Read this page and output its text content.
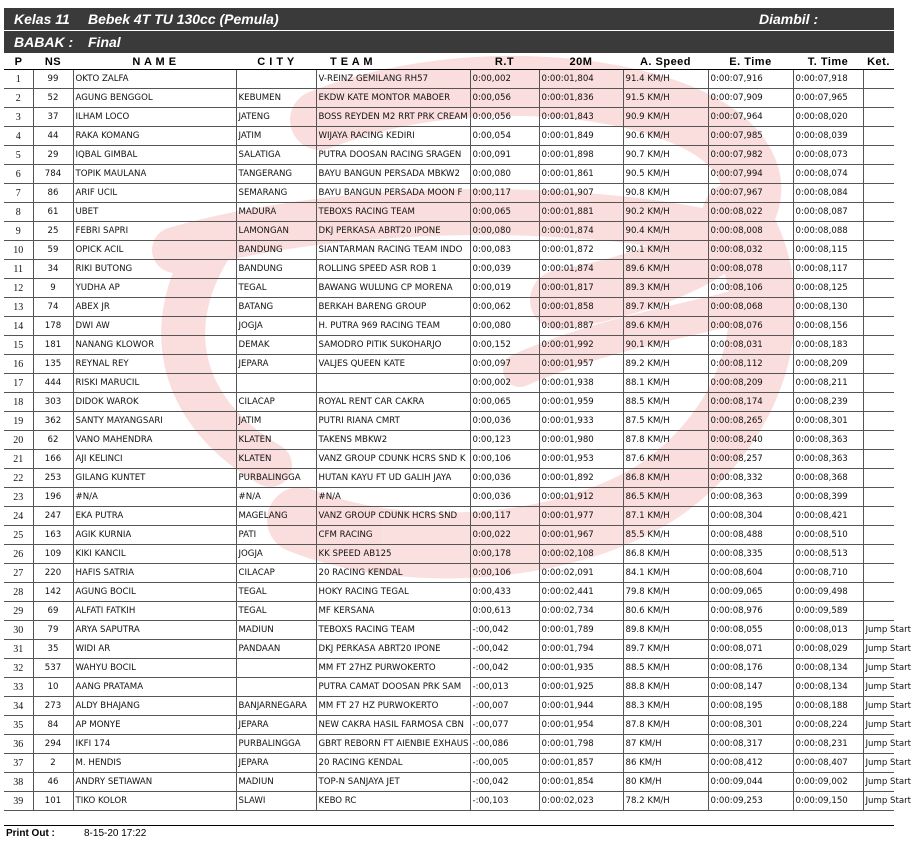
Kelas 11 Bebek 4T TU 130cc (Pemula)	Diambil :
BABAK : Final
P	NS	N A M E	C I T Y	T E A M	R.T	20M	A. Speed	E. Time	T. Time	Ket.
1	99	OKTO ZALFA		V-REINZ GEMILANG RH57	0:00,002	0:00:01,804	91.4 KM/H	0:00:07,916	0:00:07,918	
2	52	AGUNG BENGGOL	KEBUMEN	EKDW KATE MONTOR MABOER	0:00,056	0:00:01,836	91.5 KM/H	0:00:07,909	0:00:07,965	
3	37	ILHAM LOCO	JATENG	BOSS REYDEN M2 RRT PRK CREAM	0:00,056	0:00:01,843	90.9 KM/H	0:00:07,964	0:00:08,020	
4	44	RAKA KOMANG	JATIM	WIJAYA RACING KEDIRI	0:00,054	0:00:01,849	90.6 KM/H	0:00:07,985	0:00:08,039	
5	29	IQBAL GIMBAL	SALATIGA	PUTRA DOOSAN RACING SRAGEN	0:00,091	0:00:01,898	90.7 KM/H	0:00:07,982	0:00:08,073	
6	784	TOPIK MAULANA	TANGERANG	BAYU BANGUN PERSADA MBKW2	0:00,080	0:00:01,861	90.5 KM/H	0:00:07,994	0:00:08,074	
7	86	ARIF UCIL	SEMARANG	BAYU BANGUN PERSADA MOON F	0:00,117	0:00:01,907	90.8 KM/H	0:00:07,967	0:00:08,084	
8	61	UBET	MADURA	TEBOXS RACING TEAM	0:00,065	0:00:01,881	90.2 KM/H	0:00:08,022	0:00:08,087	
9	25	FEBRI SAPRI	LAMONGAN	DKJ PERKASA ABRT20 IPONE	0:00,080	0:00:01,874	90.4 KM/H	0:00:08,008	0:00:08,088	
10	59	OPICK ACIL	BANDUNG	SIANTARMAN RACING TEAM INDO	0:00,083	0:00:01,872	90.1 KM/H	0:00:08,032	0:00:08,115	
11	34	RIKI BUTONG	BANDUNG	ROLLING SPEED ASR ROB 1	0:00,039	0:00:01,874	89.6 KM/H	0:00:08,078	0:00:08,117	
12	9	YUDHA AP	TEGAL	BAWANG WULUNG CP MORENA	0:00,019	0:00:01,817	89.3 KM/H	0:00:08,106	0:00:08,125	
13	74	ABEX JR	BATANG	BERKAH BARENG GROUP	0:00,062	0:00:01,858	89.7 KM/H	0:00:08,068	0:00:08,130	
14	178	DWI AW	JOGJA	H. PUTRA 969 RACING TEAM	0:00,080	0:00:01,887	89.6 KM/H	0:00:08,076	0:00:08,156	
15	181	NANANG KLOWOR	DEMAK	SAMODRO PITIK SUKOHARJO	0:00,152	0:00:01,992	90.1 KM/H	0:00:08,031	0:00:08,183	
16	135	REYNAL REY	JEPARA	VALJES QUEEN KATE	0:00,097	0:00:01,957	89.2 KM/H	0:00:08,112	0:00:08,209	
17	444	RISKI MARUCIL			0:00,002	0:00:01,938	88.1 KM/H	0:00:08,209	0:00:08,211	
18	303	DIDOK WAROK	CILACAP	ROYAL RENT CAR CAKRA	0:00,065	0:00:01,959	88.5 KM/H	0:00:08,174	0:00:08,239	
19	362	SANTY MAYANGSARI	JATIM	PUTRI RIANA CMRT	0:00,036	0:00:01,933	87.5 KM/H	0:00:08,265	0:00:08,301	
20	62	VANO MAHENDRA	KLATEN	TAKENS MBKW2	0:00,123	0:00:01,980	87.8 KM/H	0:00:08,240	0:00:08,363	
21	166	AJI KELINCI	KLATEN	VANZ GROUP CDUNK HCRS SND K	0:00,106	0:00:01,953	87.6 KM/H	0:00:08,257	0:00:08,363	
22	253	GILANG KUNTET	PURBALINGGA	HUTAN KAYU FT UD GALIH JAYA	0:00,036	0:00:01,892	86.8 KM/H	0:00:08,332	0:00:08,368	
23	196	#N/A	#N/A	#N/A	0:00,036	0:00:01,912	86.5 KM/H	0:00:08,363	0:00:08,399	
24	247	EKA PUTRA	MAGELANG	VANZ GROUP CDUNK HCRS SND	0:00,117	0:00:01,977	87.1 KM/H	0:00:08,304	0:00:08,421	
25	163	AGIK KURNIA	PATI	CFM RACING	0:00,022	0:00:01,967	85.5 KM/H	0:00:08,488	0:00:08,510	
26	109	KIKI KANCIL	JOGJA	KK SPEED AB125	0:00,178	0:00:02,108	86.8 KM/H	0:00:08,335	0:00:08,513	
27	220	HAFIS SATRIA	CILACAP	20 RACING KENDAL	0:00,106	0:00:02,091	84.1 KM/H	0:00:08,604	0:00:08,710	
28	142	AGUNG BOCIL	TEGAL	HOKY RACING TEGAL	0:00,433	0:00:02,441	79.8 KM/H	0:00:09,065	0:00:09,498	
29	69	ALFATI FATKIH	TEGAL	MF KERSANA	0:00,613	0:00:02,734	80.6 KM/H	0:00:08,976	0:00:09,589	
30	79	ARYA SAPUTRA	MADIUN	TEBOXS RACING TEAM	-:00,042	0:00:01,789	89.8 KM/H	0:00:08,055	0:00:08,013	Jump Start
31	35	WIDI AR	PANDAAN	DKJ PERKASA ABRT20 IPONE	-:00,042	0:00:01,794	89.7 KM/H	0:00:08,071	0:00:08,029	Jump Start
32	537	WAHYU BOCIL		MM FT 27HZ PURWOKERTO	-:00,042	0:00:01,935	88.5 KM/H	0:00:08,176	0:00:08,134	Jump Start
33	10	AANG PRATAMA		PUTRA CAMAT DOOSAN PRK SAM	-:00,013	0:00:01,925	88.8 KM/H	0:00:08,147	0:00:08,134	Jump Start
34	273	ALDY BHAJANG	BANJARNEGARA	MM FT 27 HZ PURWOKERTO	-:00,007	0:00:01,944	88.3 KM/H	0:00:08,195	0:00:08,188	Jump Start
35	84	AP MONYE	JEPARA	NEW CAKRA HASIL FARMOSA CBN	-:00,077	0:00:01,954	87.8 KM/H	0:00:08,301	0:00:08,224	Jump Start
36	294	IKFI 174	PURBALINGGA	GBRT REBORN FT AIENBIE EXHAUS	-:00,086	0:00:01,798	87 KM/H	0:00:08,317	0:00:08,231	Jump Start
37	2	M. HENDIS	JEPARA	20 RACING KENDAL	-:00,005	0:00:01,857	86 KM/H	0:00:08,412	0:00:08,407	Jump Start
38	46	ANDRY SETIAWAN	MADIUN	TOP-N SANJAYA JET	-:00,042	0:00:01,854	80 KM/H	0:00:09,044	0:00:09,002	Jump Start
39	101	TIKO KOLOR	SLAWI	KEBO RC	-:00,103	0:00:02,023	78.2 KM/H	0:00:09,253	0:00:09,150	Jump Start
Print Out :	8-15-20 17:22
